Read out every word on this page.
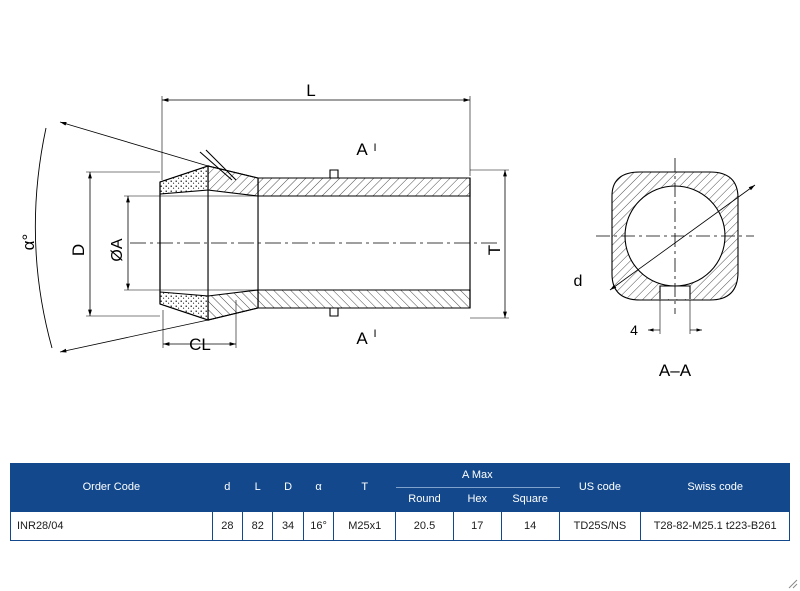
L
D ØA
α°	T
CL
A I
A I
d
4
A–A
Order Code	d	L	D	α	T	A Max			US code	Swiss code
						Round	Hex	Square		
INR28/04	28	82	34	16°	M25x1	20.5	17	14	TD25S/NS	T28-82-M25.1 t223-B261
